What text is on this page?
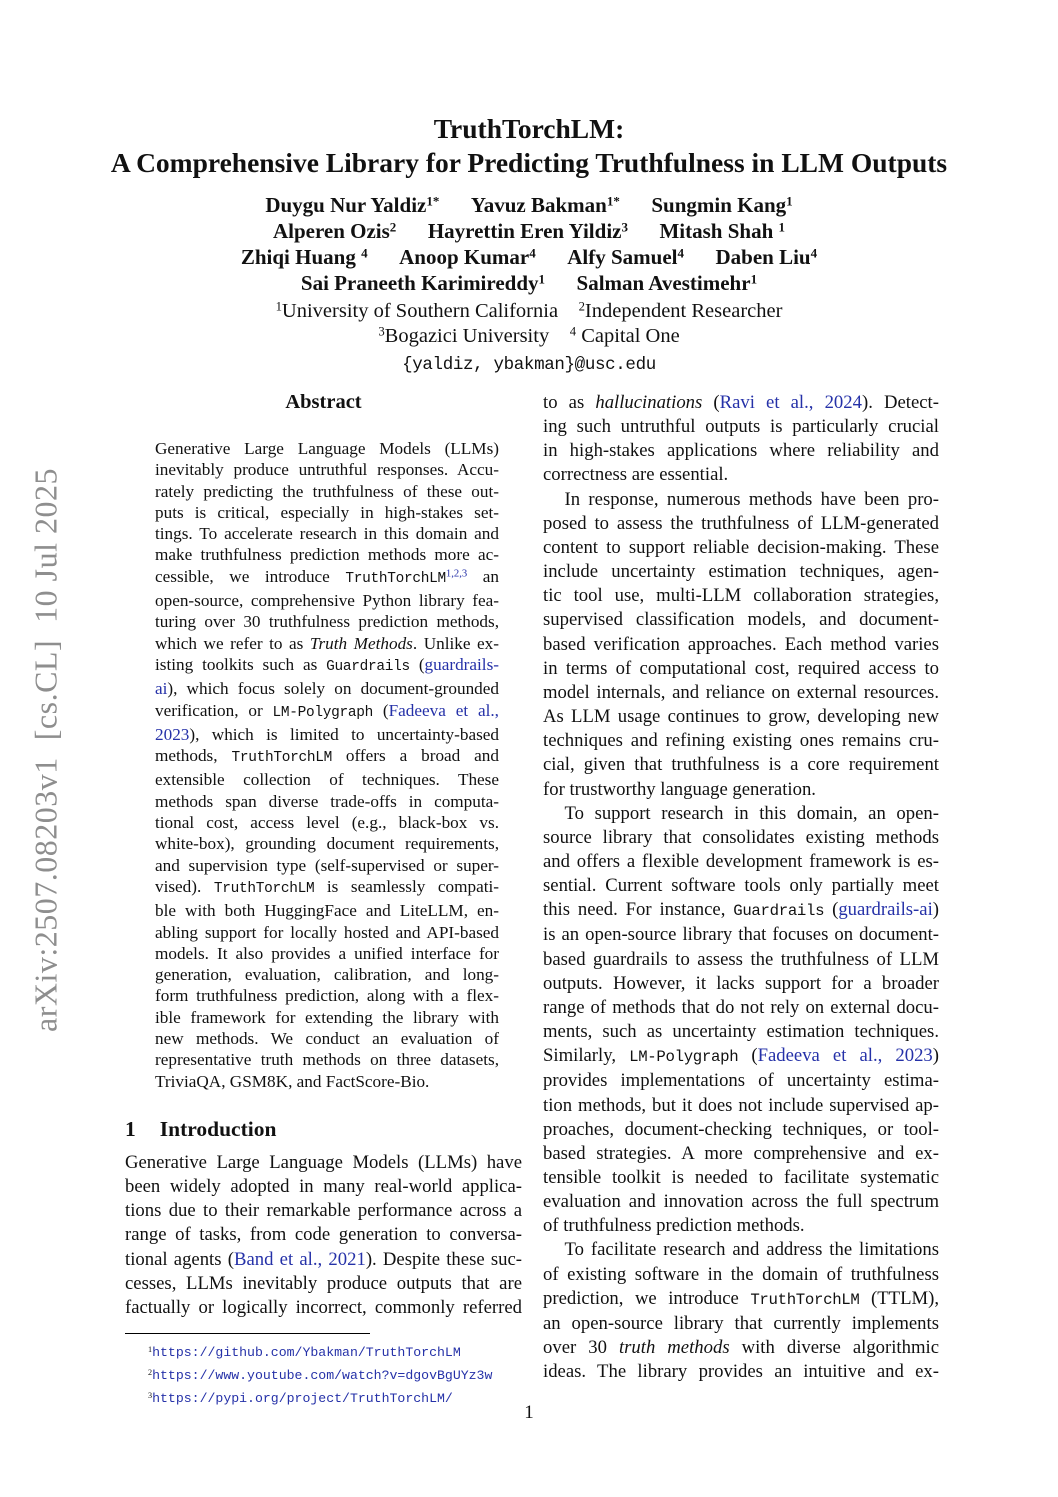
arXiv:2507.08203v1  [cs.CL]  10 Jul 2025
TruthTorchLM:
A Comprehensive Library for Predicting Truthfulness in LLM Outputs
Duygu Nur Yaldiz$^{1*}$    Yavuz Bakman$^{1*}$    Sungmin Kang$^1$
Alperen Ozis$^2$    Hayrettin Eren Yildiz$^3$    Mitash Shah $^1$
Zhiqi Huang $^4$    Anoop Kumar$^4$    Alfy Samuel$^4$    Daben Liu$^4$
Sai Praneeth Karimireddy$^1$    Salman Avestimehr$^1$
$^1$University of Southern California   $^2$Independent Researcher
$^3$Bogazici University   $^4$ Capital One
{yaldiz, ybakman}@usc.edu
Abstract
Generative Large Language Models (LLMs)
inevitably produce untruthful responses. Accu-
rately predicting the truthfulness of these out-
puts is critical, especially in high-stakes set-
tings. To accelerate research in this domain and
make truthfulness prediction methods more ac-
cessible, we introduce TruthTorchLM$^{1,2,3}$ an
open-source, comprehensive Python library fea-
turing over 30 truthfulness prediction methods,
which we refer to as Truth Methods. Unlike ex-
isting toolkits such as Guardrails (guardrails-
ai), which focus solely on document-grounded
verification, or LM-Polygraph (Fadeeva et al.,
2023), which is limited to uncertainty-based
methods, TruthTorchLM offers a broad and
extensible collection of techniques. These
methods span diverse trade-offs in computa-
tional cost, access level (e.g., black-box vs.
white-box), grounding document requirements,
and supervision type (self-supervised or super-
vised). TruthTorchLM is seamlessly compati-
ble with both HuggingFace and LiteLLM, en-
abling support for locally hosted and API-based
models. It also provides a unified interface for
generation, evaluation, calibration, and long-
form truthfulness prediction, along with a flex-
ible framework for extending the library with
new methods. We conduct an evaluation of
representative truth methods on three datasets,
TriviaQA, GSM8K, and FactScore-Bio.
1 Introduction
Generative Large Language Models (LLMs) have
been widely adopted in many real-world applica-
tions due to their remarkable performance across a
range of tasks, from code generation to conversa-
tional agents (Band et al., 2021). Despite these suc-
cesses, LLMs inevitably produce outputs that are
factually or logically incorrect, commonly referred
$^1$https://github.com/Ybakman/TruthTorchLM
$^2$https://www.youtube.com/watch?v=dgovBgUYz3w
$^3$https://pypi.org/project/TruthTorchLM/
to as hallucinations (Ravi et al., 2024). Detect-
ing such untruthful outputs is particularly crucial
in high-stakes applications where reliability and
correctness are essential.
In response, numerous methods have been pro-
posed to assess the truthfulness of LLM-generated
content to support reliable decision-making. These
include uncertainty estimation techniques, agen-
tic tool use, multi-LLM collaboration strategies,
supervised classification models, and document-
based verification approaches. Each method varies
in terms of computational cost, required access to
model internals, and reliance on external resources.
As LLM usage continues to grow, developing new
techniques and refining existing ones remains cru-
cial, given that truthfulness is a core requirement
for trustworthy language generation.
To support research in this domain, an open-
source library that consolidates existing methods
and offers a flexible development framework is es-
sential. Current software tools only partially meet
this need. For instance, Guardrails (guardrails-ai)
is an open-source library that focuses on document-
based guardrails to assess the truthfulness of LLM
outputs. However, it lacks support for a broader
range of methods that do not rely on external docu-
ments, such as uncertainty estimation techniques.
Similarly, LM-Polygraph (Fadeeva et al., 2023)
provides implementations of uncertainty estima-
tion methods, but it does not include supervised ap-
proaches, document-checking techniques, or tool-
based strategies. A more comprehensive and ex-
tensible toolkit is needed to facilitate systematic
evaluation and innovation across the full spectrum
of truthfulness prediction methods.
To facilitate research and address the limitations
of existing software in the domain of truthfulness
prediction, we introduce TruthTorchLM (TTLM),
an open-source library that currently implements
over 30 truth methods with diverse algorithmic
ideas. The library provides an intuitive and ex-
1
